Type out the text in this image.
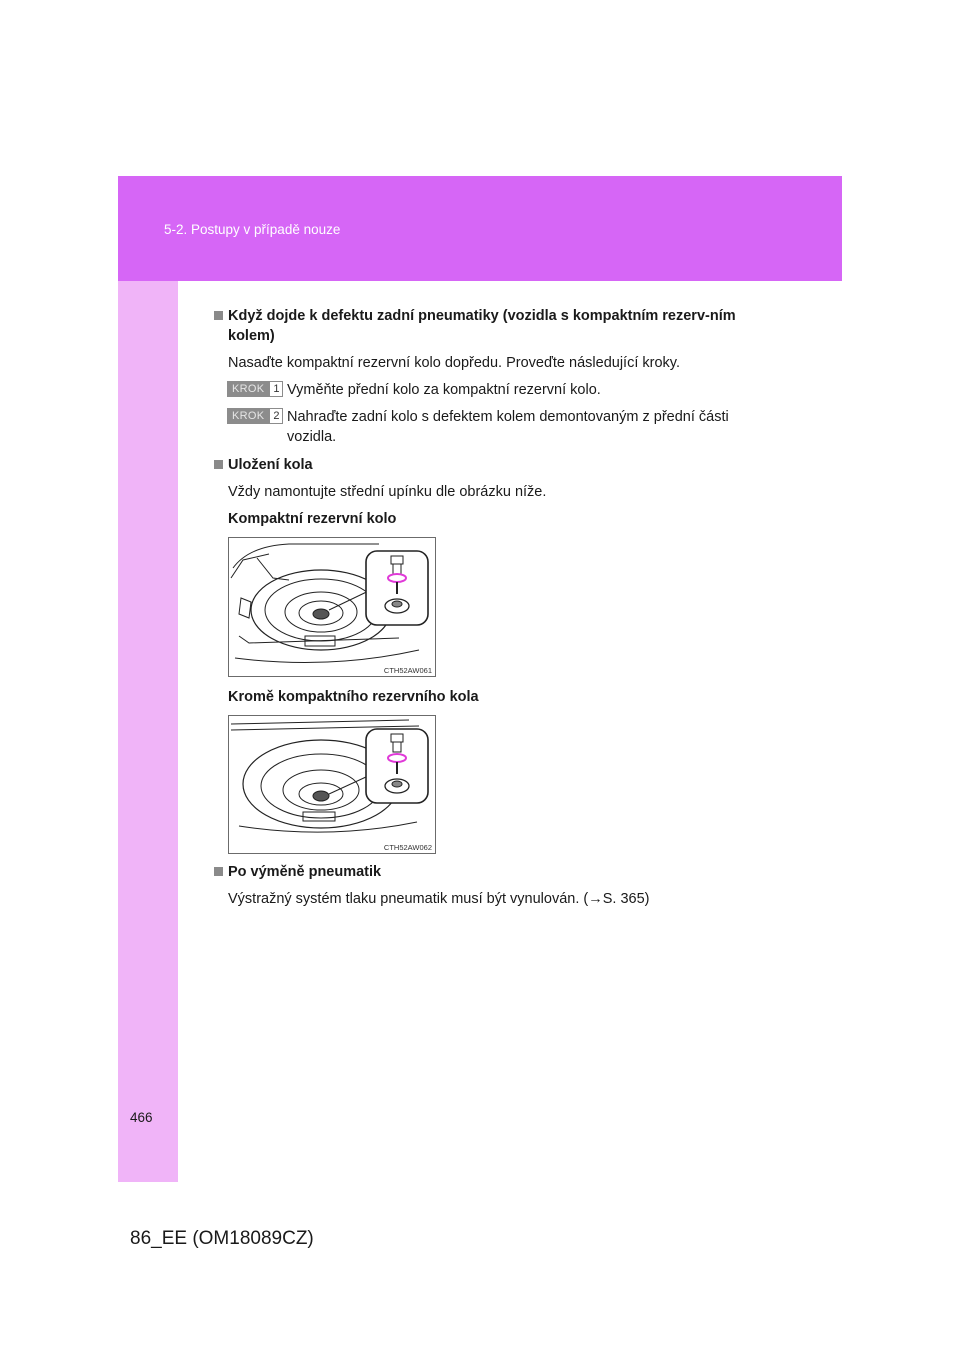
5-2. Postupy v případě nouze
466
86_EE (OM18089CZ)
Když dojde k defektu zadní pneumatiky (vozidla s kompaktním rezerv-ním kolem)
Nasaďte kompaktní rezervní kolo dopředu. Proveďte následující kroky.
KROK 1 Vyměňte přední kolo za kompaktní rezervní kolo.
KROK 2 Nahraďte zadní kolo s defektem kolem demontovaným z přední části vozidla.
Uložení kola
Vždy namontujte střední upínku dle obrázku níže.
Kompaktní rezervní kolo
CTH52AW061
Kromě kompaktního rezervního kola
CTH52AW062
Po výměně pneumatik
Výstražný systém tlaku pneumatik musí být vynulován. (→S. 365)
